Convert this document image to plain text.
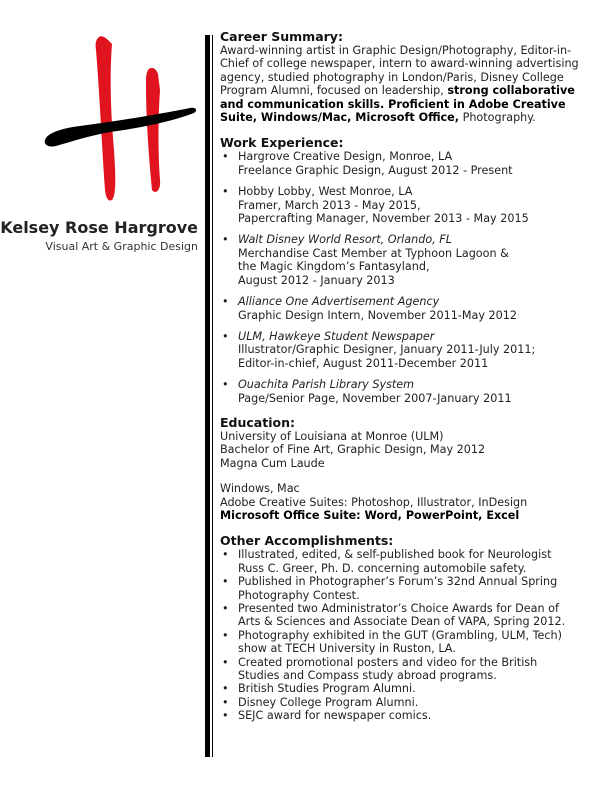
Kelsey Rose Hargrove
Visual Art & Graphic Design
Career Summary:

Award-winning artist in Graphic Design/Photography, Editor-in-Chief of college newspaper, intern to award-winning advertising agency, studied photography in London/Paris, Disney College Program Alumni, focused on leadership, strong collaborative and communication skills. Proficient in Adobe Creative Suite, Windows/Mac, Microsoft Office, Photography.

Work Experience:
• Hargrove Creative Design, Monroe, LA
Freelance Graphic Design, August 2012 - Present
• Hobby Lobby, West Monroe, LA
Framer, March 2013 - May 2015,
Papercrafting Manager, November 2013 - May 2015
• Walt Disney World Resort, Orlando, FL
Merchandise Cast Member at Typhoon Lagoon &
the Magic Kingdom’s Fantasyland,
August 2012 - January 2013
• Alliance One Advertisement Agency
Graphic Design Intern, November 2011-May 2012
• ULM, Hawkeye Student Newspaper
Illustrator/Graphic Designer, January 2011-July 2011;
Editor-in-chief, August 2011-December 2011
• Ouachita Parish Library System
Page/Senior Page, November 2007-January 2011
Education:
University of Louisiana at Monroe (ULM)
Bachelor of Fine Art, Graphic Design, May 2012
Magna Cum Laude
Windows, Mac
Adobe Creative Suites: Photoshop, Illustrator, InDesign
Microsoft Office Suite: Word, PowerPoint, Excel
Other Accomplishments:
• Illustrated, edited, & self-published book for Neurologist
Russ C. Greer, Ph. D. concerning automobile safety.
• Published in Photographer’s Forum’s 32nd Annual Spring
Photography Contest.
• Presented two Administrator’s Choice Awards for Dean of
Arts & Sciences and Associate Dean of VAPA, Spring 2012.
• Photography exhibited in the GUT (Grambling, ULM, Tech)
show at TECH University in Ruston, LA.
• Created promotional posters and video for the British
Studies and Compass study abroad programs.
• British Studies Program Alumni.
• Disney College Program Alumni.
• SEJC award for newspaper comics.
